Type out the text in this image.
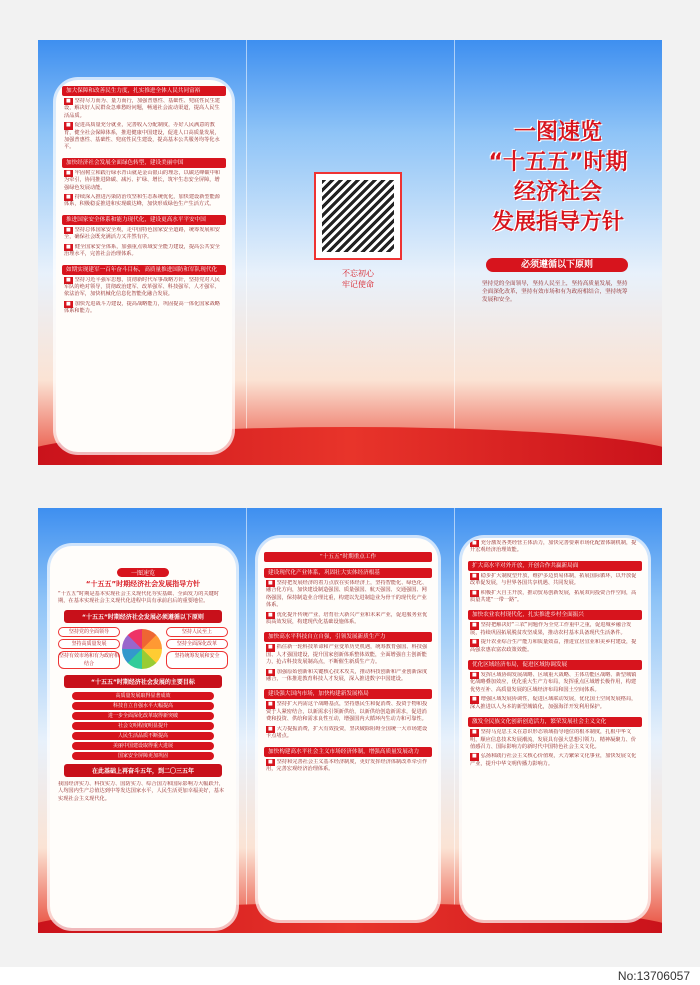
加大保障和改善民生力度，扎实推进全体人民共同富裕
■ 坚持尽力而为、量力而行，加强普惠性、基础性、兜底性民生建设，解决好人民群众急难愁盼问题，畅通社会流动渠道，提高人民生活品质。
■ 促进高质量充分就业，完善收入分配制度，办好人民满意的教育，健全社会保障体系，推进健康中国建设，促进人口高质量发展，加强普惠性、基础性、兜底性民生建设，提高基本公共服务均等化水平。
加快经济社会发展全面绿色转型，建设美丽中国
■ 牢固树立和践行绿水青山就是金山银山的理念，以碳达峰碳中和为牵引，协同推进降碳、减污、扩绿、增长，筑牢生态安全屏障，增强绿色发展动能。
■ 持续深入推进污染防治攻坚和生态系统优化，加快建设新型能源体系，积极稳妥推进和实现碳达峰，加快形成绿色生产生活方式。
推进国家安全体系和能力现代化，建设更高水平平安中国
■ 坚持总体国家安全观，走中国特色国家安全道路，统筹发展和安全，确保社会既充满活力又井然有序。
■ 健全国家安全体系，加强重点领域安全能力建设，提高公共安全治理水平，完善社会治理体系。
如期实现建军一百年奋斗目标，高质量推进国防和军队现代化
■ 坚持习近平强军思想，贯彻新时代军事战略方针，坚持党对人民军队的绝对领导，贯彻政治建军、改革强军、科技强军、人才强军、依法治军，加快机械化信息化智能化融合发展。
■ 加快先进战斗力建设，提高战略能力，巩固提高一体化国家战略体系和能力。
不忘初心
牢记使命
一图速览
“十五五”时期
经济社会
发展指导方针
必须遵循以下原则
坚持党的全面领导，坚持人民至上，坚持高质量发展，坚持全面深化改革，坚持有效市场和有为政府相结合，坚持统筹发展和安全。
一图速览
“十五五”时期经济社会发展指导方针
“十五五”时期是基本实现社会主义现代化夯实基础、全面发力的关键时期，在基本实现社会主义现代化进程中具有承前启后的重要地位。
“十五五”时期经济社会发展必须遵循以下原则
坚持党的全面领导	坚持人民至上
坚持高质量发展	坚持全面深化改革
坚持有效市场和有为政府相结合
坚持统筹发展和安全
“十五五”时期经济社会发展的主要目标
高质量发展取得显著成效
科技自立自强水平大幅提高
进一步全面深化改革取得新突破
社会文明程度明显提升
人民生活品质不断提高
美丽中国建设取得重大进展
国家安全屏障更加巩固
在此基础上再奋斗五年，到二〇三五年
我国经济实力、科技实力、国防实力、综合国力和国际影响力大幅跃升，人均国内生产总值达到中等发达国家水平，人民生活更加幸福美好，基本实现社会主义现代化。
“十五五”时期重点工作
建设现代化产业体系，巩固壮大实体经济根基
■ 坚持把发展经济的着力点放在实体经济上，坚持智能化、绿色化、融合化方向，加快建设制造强国、质量强国、航天强国、交通强国、网络强国，保持制造业合理比重，构建以先进制造业为骨干的现代化产业体系。
■ 优化提升传统产业，培育壮大新兴产业和未来产业，促进服务业优质高效发展，构建现代化基础设施体系。
加快高水平科技自立自强，引领发展新质生产力
■ 抓住新一轮科技革命和产业变革历史机遇，统筹教育强国、科技强国、人才强国建设，提升国家创新体系整体效能，全面增强自主创新能力，抢占科技发展制高点，不断催生新质生产力。
■ 加强原始创新和关键核心技术攻关，推动科技创新和产业创新深度融合，一体推进教育科技人才发展，深入推进数字中国建设。
建设强大国内市场，加快构建新发展格局
■ 坚持扩大内需这个战略基点，坚持惠民生和促消费、投资于物和投资于人紧密结合，以新需求引领新供给，以新供给创造新需求，促进消费和投资、供给和需求良性互动，增强国内大循环内生动力和可靠性。
■ 大力提振消费，扩大有效投资，坚决破除阻碍全国统一大市场建设卡点堵点。
加快构建高水平社会主义市场经济体制，增强高质量发展动力
■ 坚持和完善社会主义基本经济制度，更好发挥经济体制改革牵引作用，完善宏观经济治理体系。
■ 充分激发各类经营主体活力，加快完善要素市场化配置体制机制，提升宏观经济治理效能。
扩大高水平对外开放，开创合作共赢新局面
■ 稳步扩大制度型开放，维护多边贸易体制，拓展国际循环，以开放促改革促发展，与世界各国共享机遇、共同发展。
■ 积极扩大自主开放，推动贸易创新发展，拓展双向投资合作空间，高质量共建“一带一路”。
加快农业农村现代化，扎实推进乡村全面振兴
■ 坚持把解决好“三农”问题作为全党工作重中之重，促进城乡融合发展，持续巩固拓展脱贫攻坚成果，推动农村基本具备现代生活条件。
■ 提升农业综合生产能力和质量效益，推进宜居宜业和美乡村建设，提高强农惠农富农政策效能。
优化区域经济布局，促进区域协调发展
■ 发挥区域协调发展战略、区域重大战略、主体功能区战略、新型城镇化战略叠加效应，优化重大生产力布局，发挥重点区域增长极作用，构建优势互补、高质量发展的区域经济布局和国土空间体系。
■ 增强区域发展协调性，促进区域联动发展，优化国土空间发展格局，深入推进以人为本的新型城镇化，加强海洋开发利用保护。
激发全民族文化创新创造活力，繁荣发展社会主义文化
■ 坚持马克思主义在意识形态领域指导地位的根本制度，扎根中华文明，顺应信息技术发展潮流，发展具有强大思想引领力、精神凝聚力、价值感召力、国际影响力的新时代中国特色社会主义文化。
■ 弘扬和践行社会主义核心价值观，大力繁荣文化事业，加快发展文化产业，提升中华文明传播力影响力。
No:13706057
